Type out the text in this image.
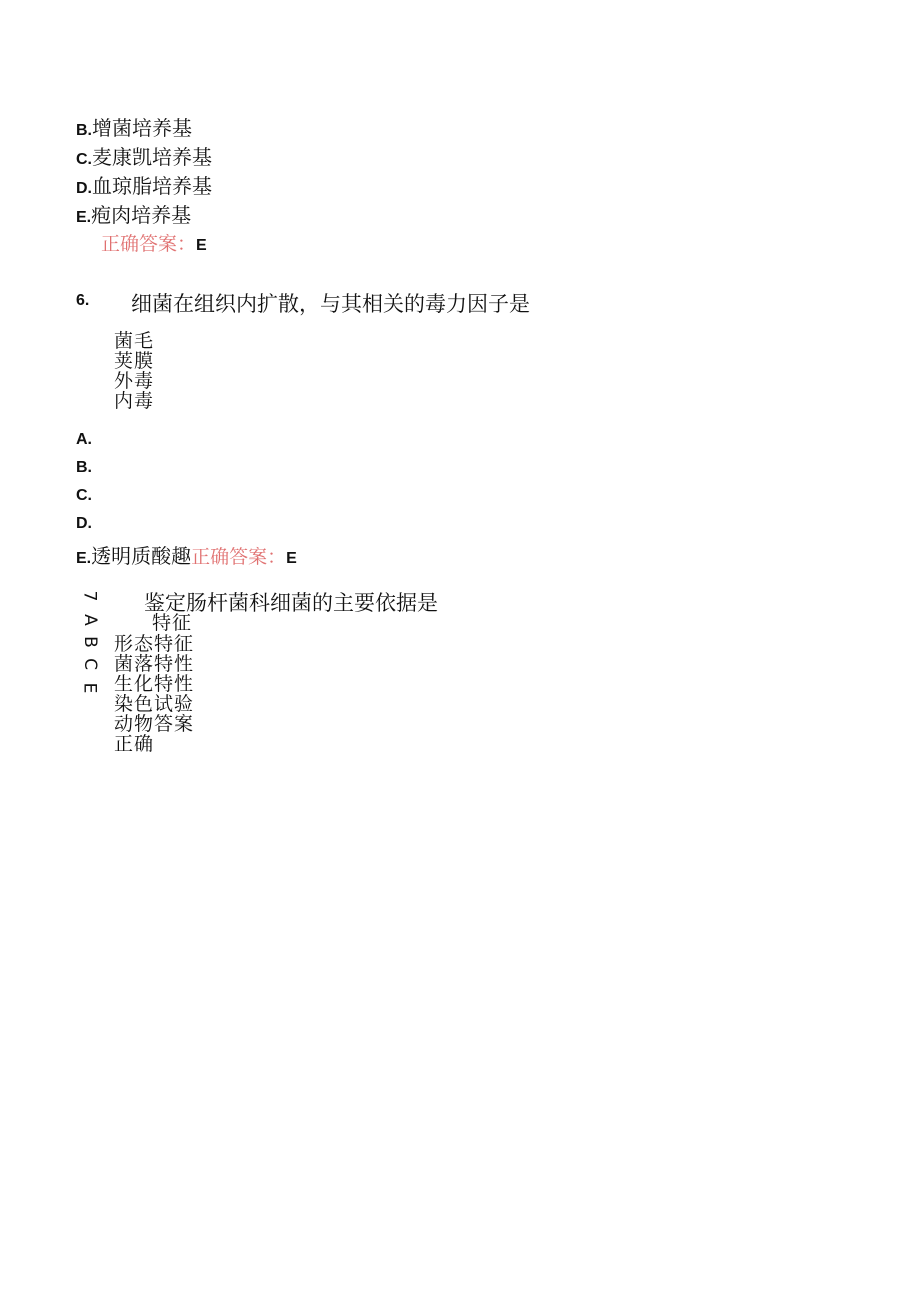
B.增菌培养基
C.麦康凯培养基
D.血琼脂培养基
E.疱肉培养基
正确答案：E
6. 细菌在组织内扩散，与其相关的毒力因子是
菌毛
荚膜
外毒
内毒
A.
B.
C.
D.
E.透明质酸趣正确答案：E
7
A
B
C
E
鉴定肠杆菌科细菌的主要依据是
特征
形态特征
菌落特性
生化特性
染色试验
动物答案
正确
